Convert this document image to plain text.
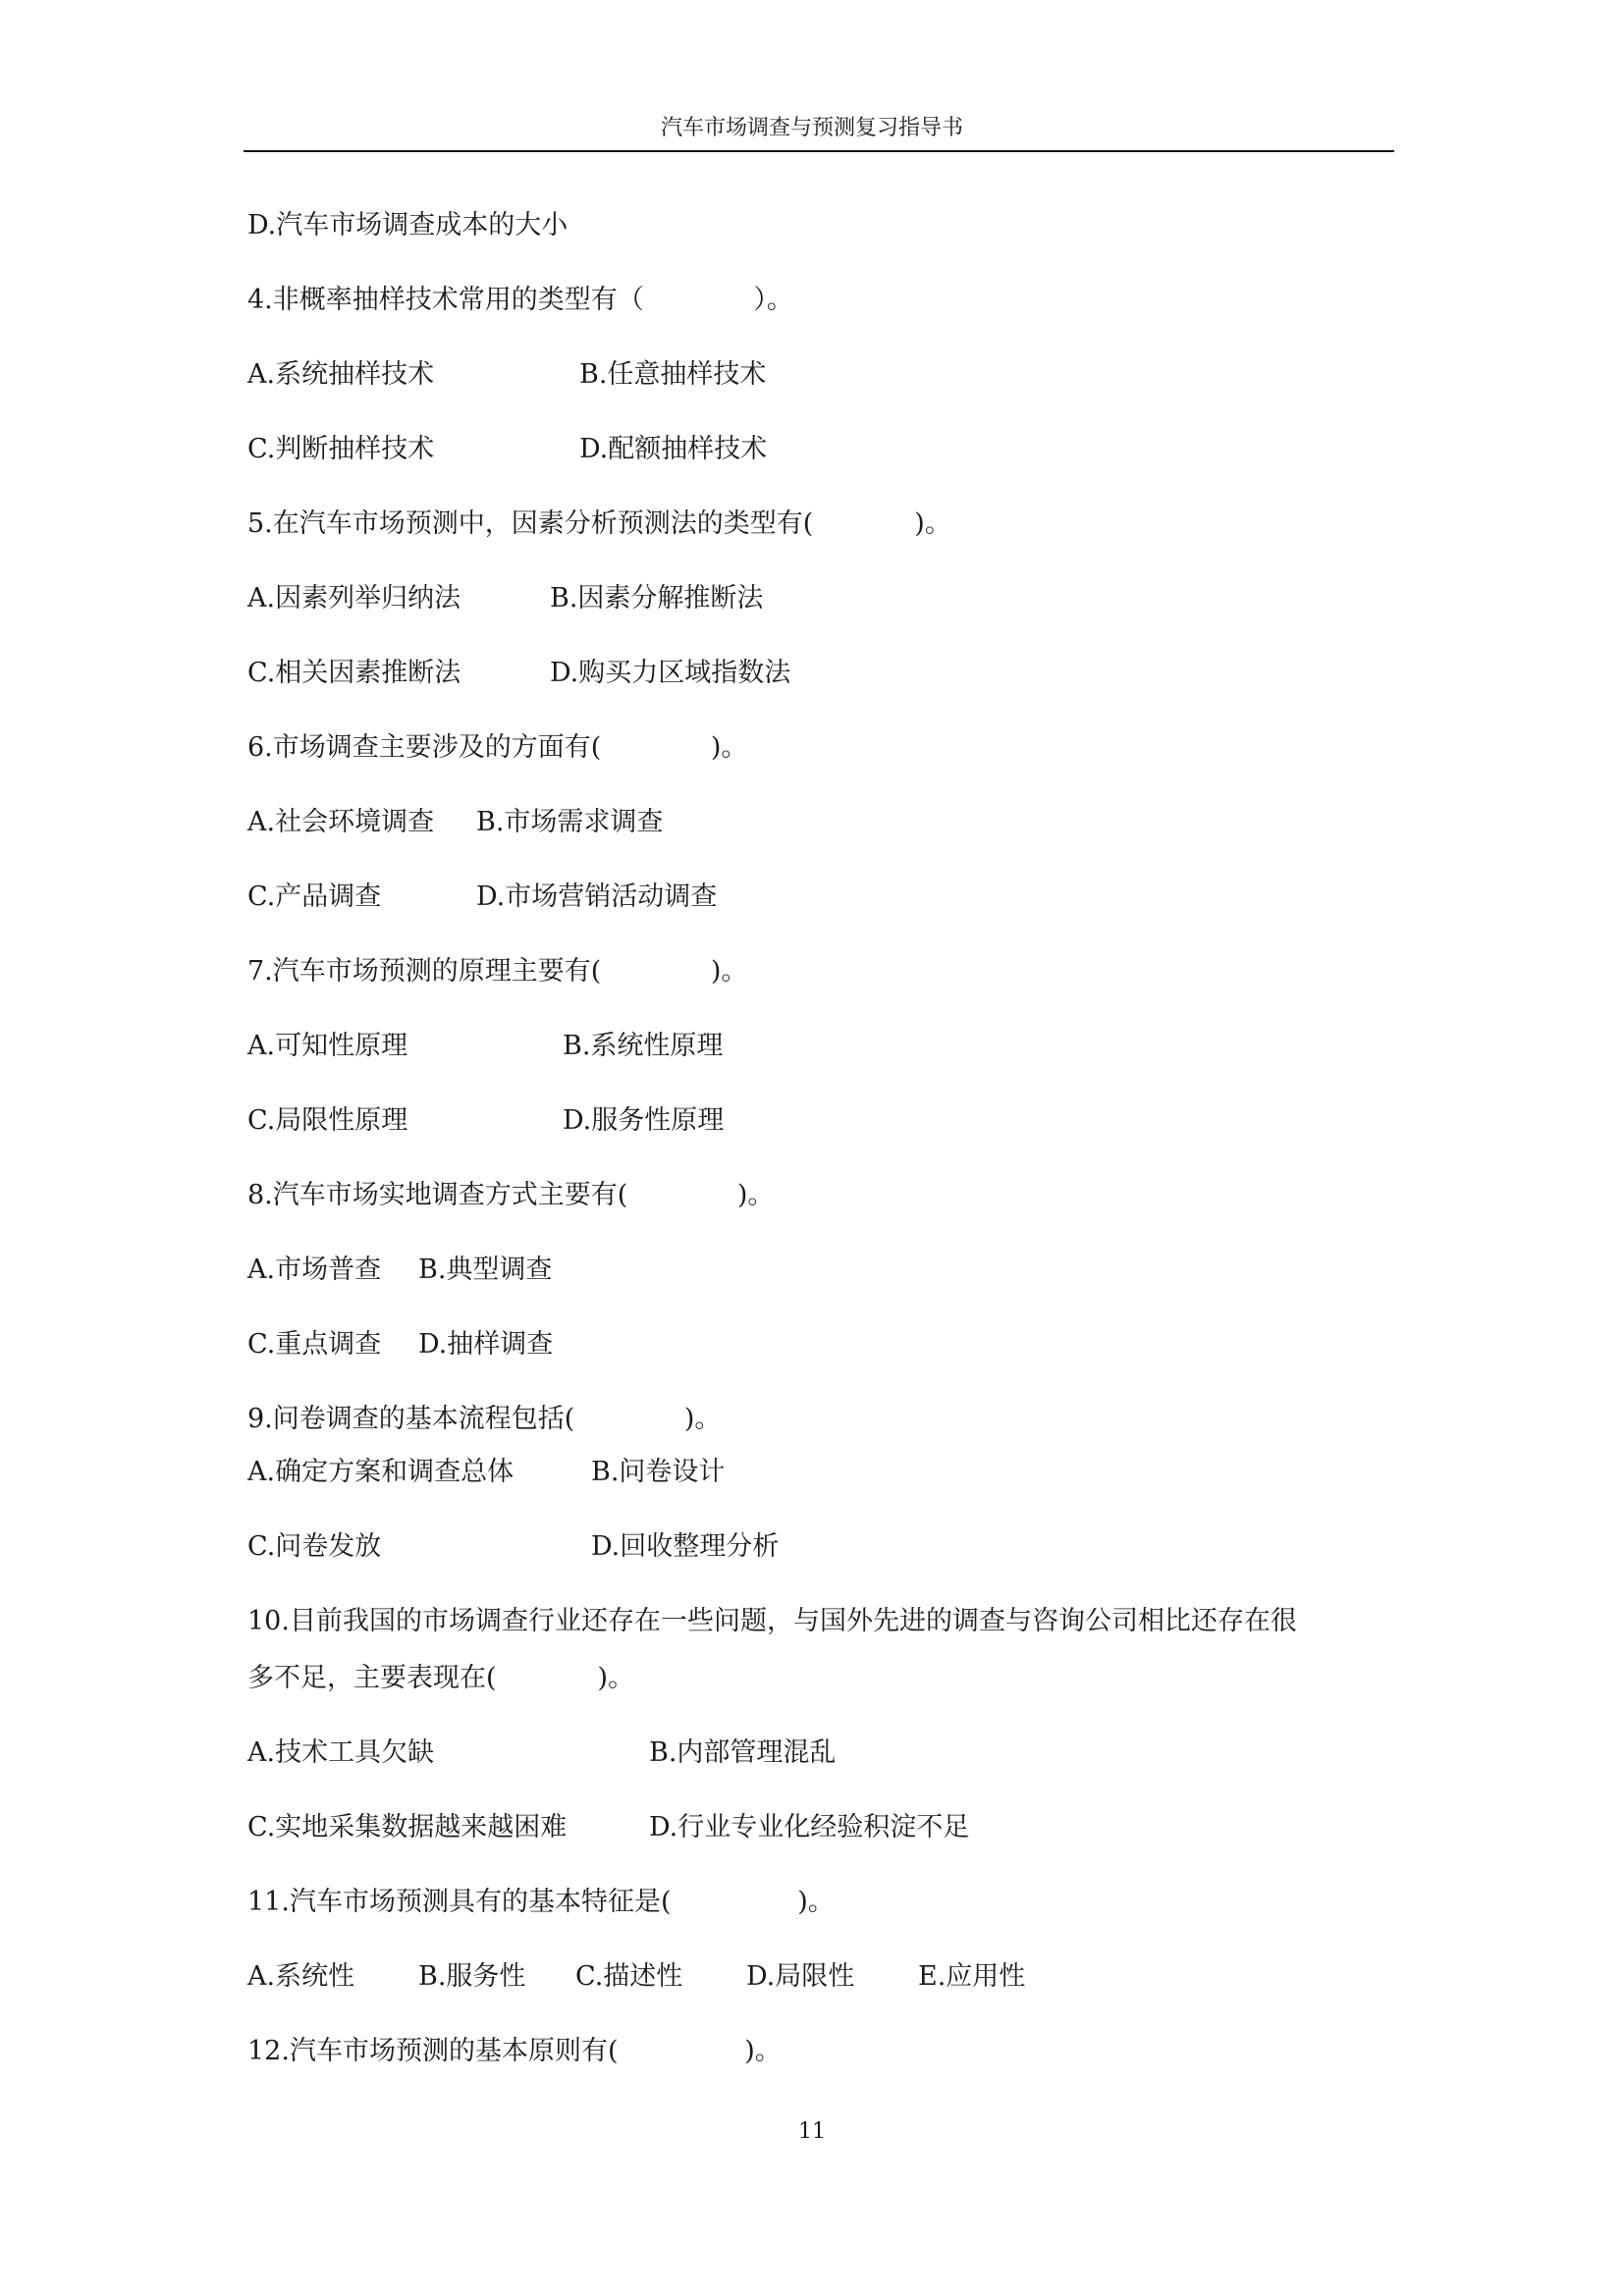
汽车市场调查与预测复习指导书
D.汽车市场调查成本的大小
4.非概率抽样技术常用的类型有（             ）。
A.系统抽样技术	B.任意抽样技术
C.判断抽样技术	D.配额抽样技术
5.在汽车市场预测中，因素分析预测法的类型有(            )。
A.因素列举归纳法	B.因素分解推断法
C.相关因素推断法	D.购买力区域指数法
6.市场调查主要涉及的方面有(             )。
A.社会环境调查 B.市场需求调查
C.产品调查	D.市场营销活动调查
7.汽车市场预测的原理主要有(             )。
A.可知性原理	B.系统性原理
C.局限性原理	D.服务性原理
8.汽车市场实地调查方式主要有(             )。
A.市场普查 B.典型调查
C.重点调查 D.抽样调查
9.问卷调查的基本流程包括(             )。
A.确定方案和调查总体	B.问卷设计
C.问卷发放	D.回收整理分析
10.目前我国的市场调查行业还存在一些问题，与国外先进的调查与咨询公司相比还存在很
多不足，主要表现在(            )。
A.技术工具欠缺	B.内部管理混乱
C.实地采集数据越来越困难	D.行业专业化经验积淀不足
11.汽车市场预测具有的基本特征是(               )。
A.系统性 B.服务性 C.描述性 D.局限性 E.应用性
12.汽车市场预测的基本原则有(               )。
11
